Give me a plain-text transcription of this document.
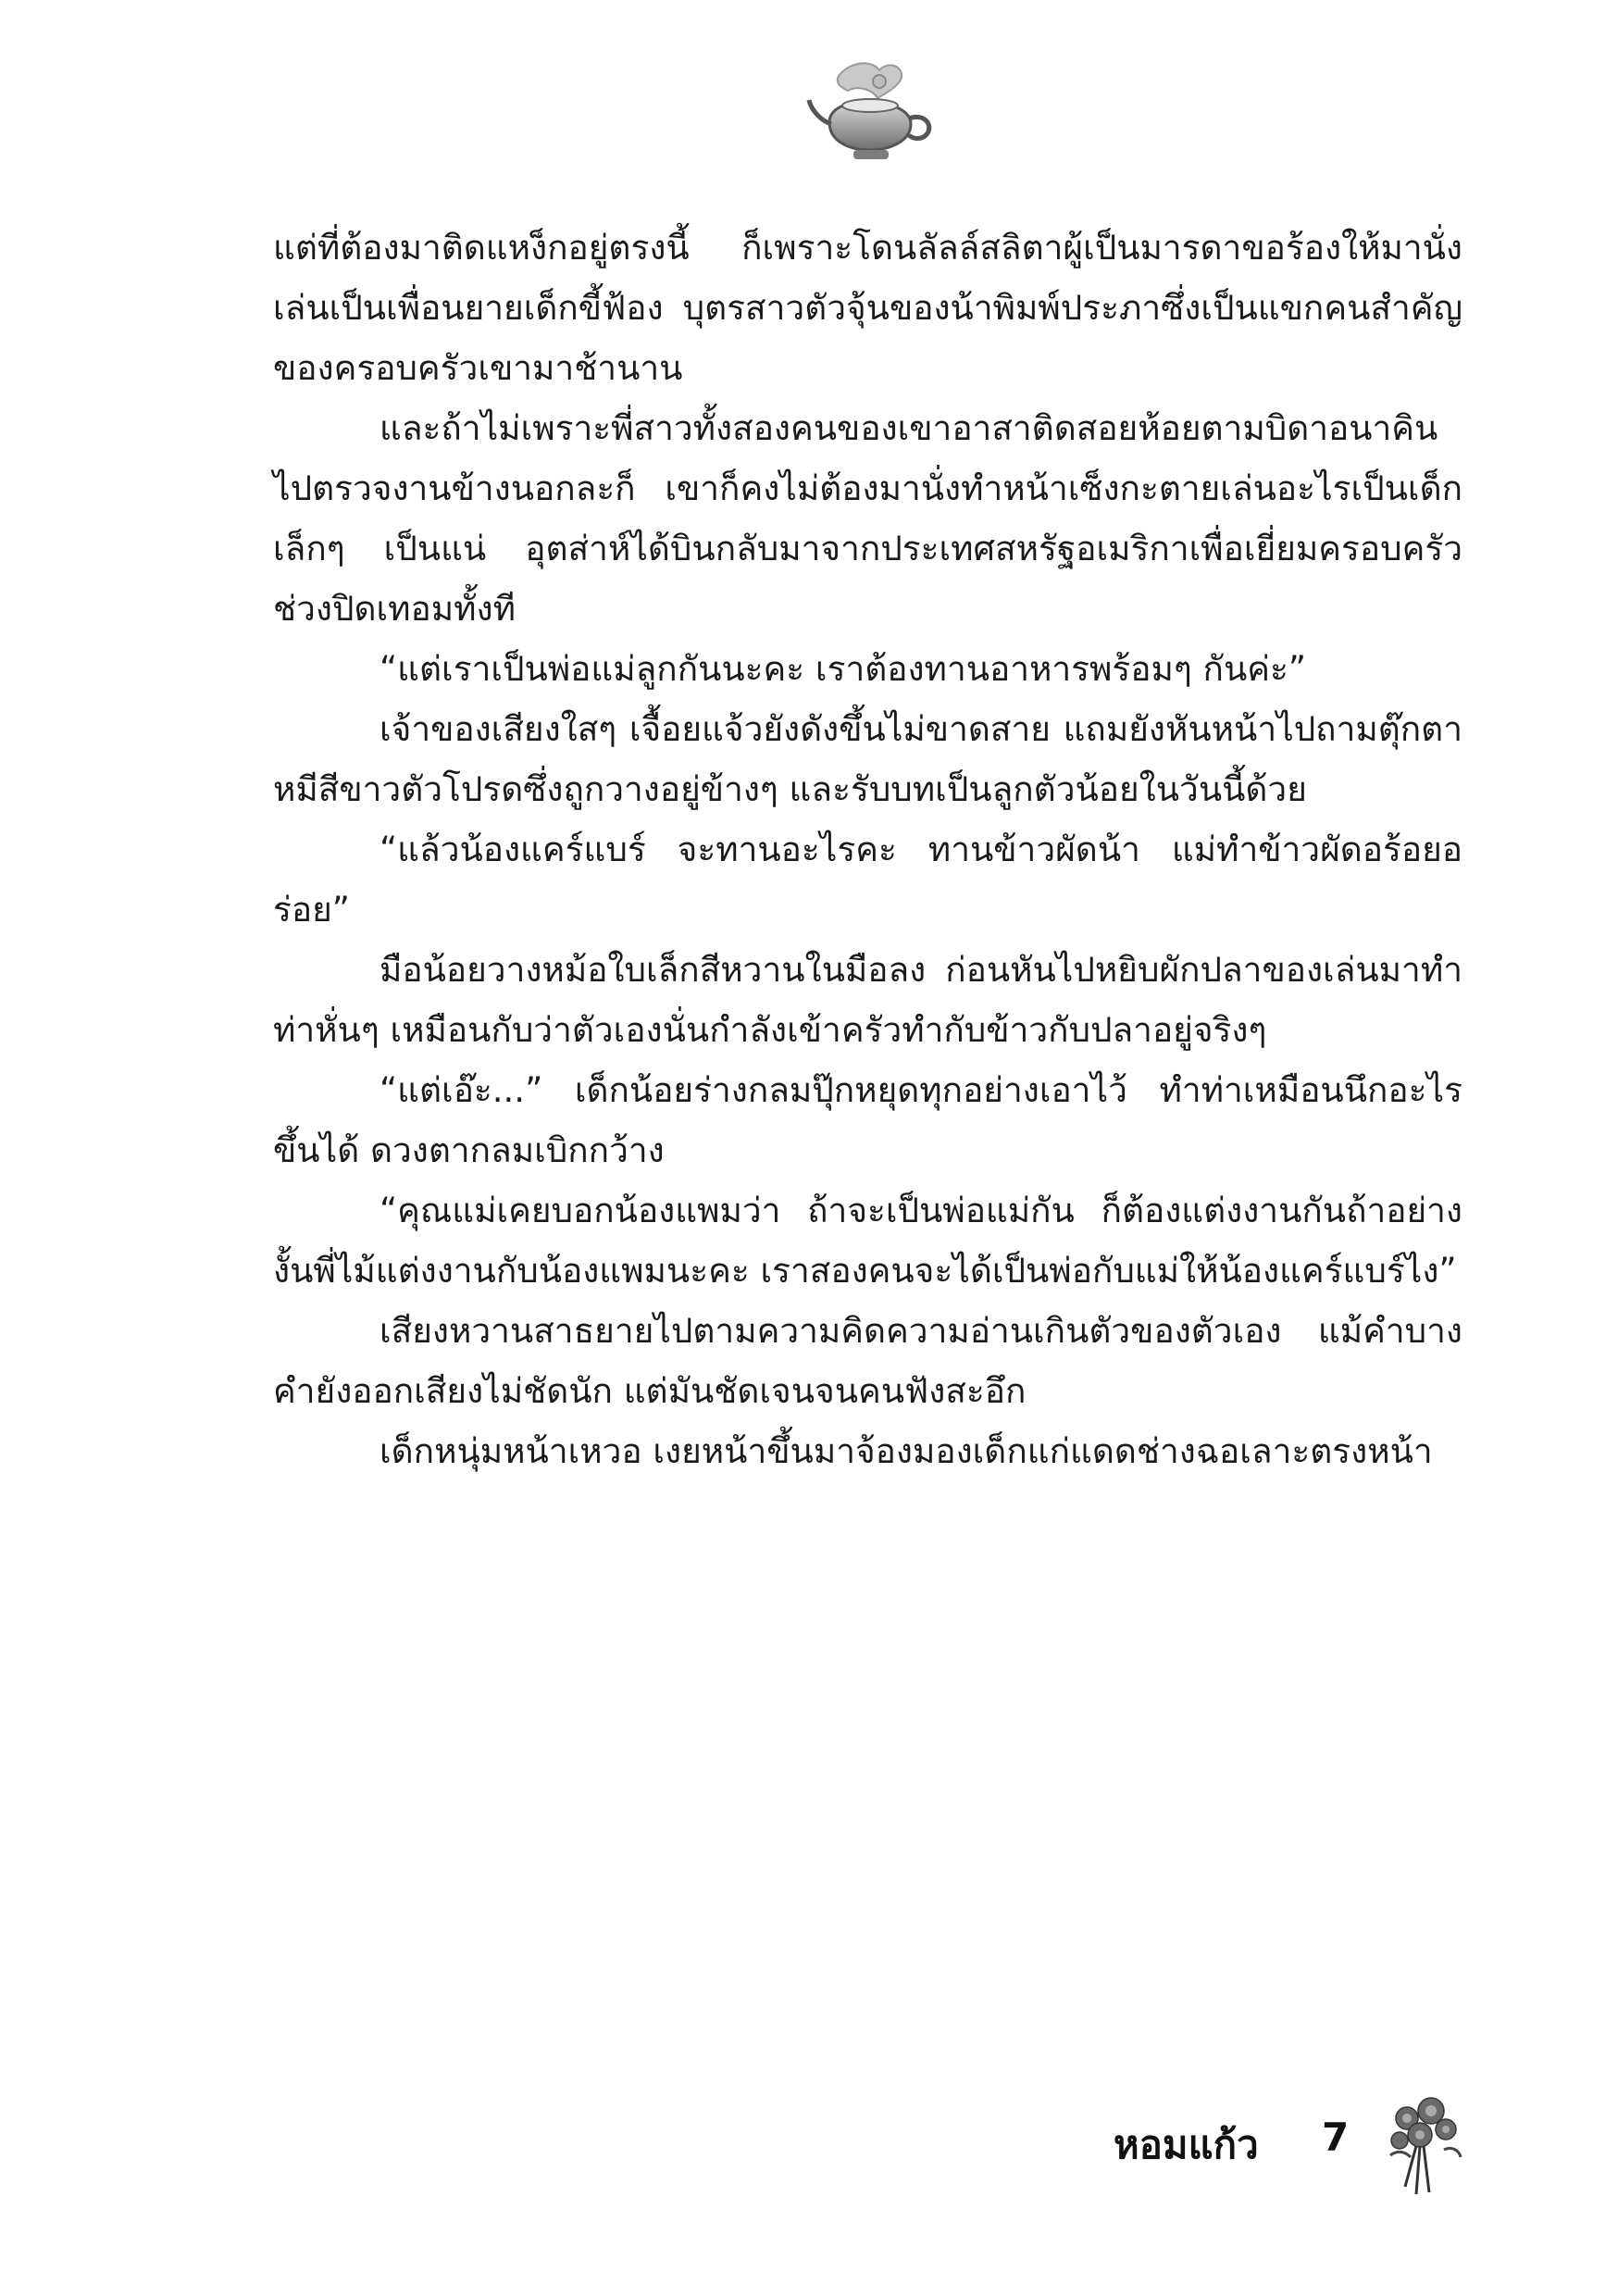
แต่ที่ต้องมาติดแหง็กอยู่ตรงนี้ ก็เพราะโดนลัลล์สลิตาผู้เป็นมารดาขอร้องให้มานั่งเล่นเป็นเพื่อนยายเด็กขี้ฟ้อง บุตรสาวตัวจุ้นของน้าพิมพ์ประภาซึ่งเป็นแขกคนสำคัญของครอบครัวเขามาช้านาน

และถ้าไม่เพราะพี่สาวทั้งสองคนของเขาอาสาติดสอยห้อยตามบิดาอนาคิน ไปตรวจงานข้างนอกละก็ เขาก็คงไม่ต้องมานั่งทำหน้าเซ็งกะตายเล่นอะไรเป็นเด็กเล็กๆ เป็นแน่ อุตส่าห์ได้บินกลับมาจากประเทศสหรัฐอเมริกาเพื่อเยี่ยมครอบครัวช่วงปิดเทอมทั้งที

“แต่เราเป็นพ่อแม่ลูกกันนะคะ เราต้องทานอาหารพร้อมๆ กันค่ะ”

เจ้าของเสียงใสๆ เจื้อยแจ้วยังดังขึ้นไม่ขาดสาย แถมยังหันหน้าไปถามตุ๊กตาหมีสีขาวตัวโปรดซึ่งถูกวางอยู่ข้างๆ และรับบทเป็นลูกตัวน้อยในวันนี้ด้วย

“แล้วน้องแคร์แบร์ จะทานอะไรคะ ทานข้าวผัดน้า แม่ทำข้าวผัดอร้อยอร่อย”

มือน้อยวางหม้อใบเล็กสีหวานในมือลง ก่อนหันไปหยิบผักปลาของเล่นมาทำท่าหั่นๆ เหมือนกับว่าตัวเองนั่นกำลังเข้าครัวทำกับข้าวกับปลาอยู่จริงๆ

“แต่เอ๊ะ...” เด็กน้อยร่างกลมปุ๊กหยุดทุกอย่างเอาไว้ ทำท่าเหมือนนึกอะไรขึ้นได้ ดวงตากลมเบิกกว้าง

“คุณแม่เคยบอกน้องแพมว่า ถ้าจะเป็นพ่อแม่กัน ก็ต้องแต่งงานกันถ้าอย่างงั้นพี่ไม้แต่งงานกับน้องแพมนะคะ เราสองคนจะได้เป็นพ่อกับแม่ให้น้องแคร์แบร์ไง”

เสียงหวานสาธยายไปตามความคิดความอ่านเกินตัวของตัวเอง แม้คำบางคำยังออกเสียงไม่ชัดนัก แต่มันชัดเจนจนคนฟังสะอึก

เด็กหนุ่มหน้าเหวอ เงยหน้าขึ้นมาจ้องมองเด็กแก่แดดช่างฉอเลาะตรงหน้า

หอมแก้ว 7
